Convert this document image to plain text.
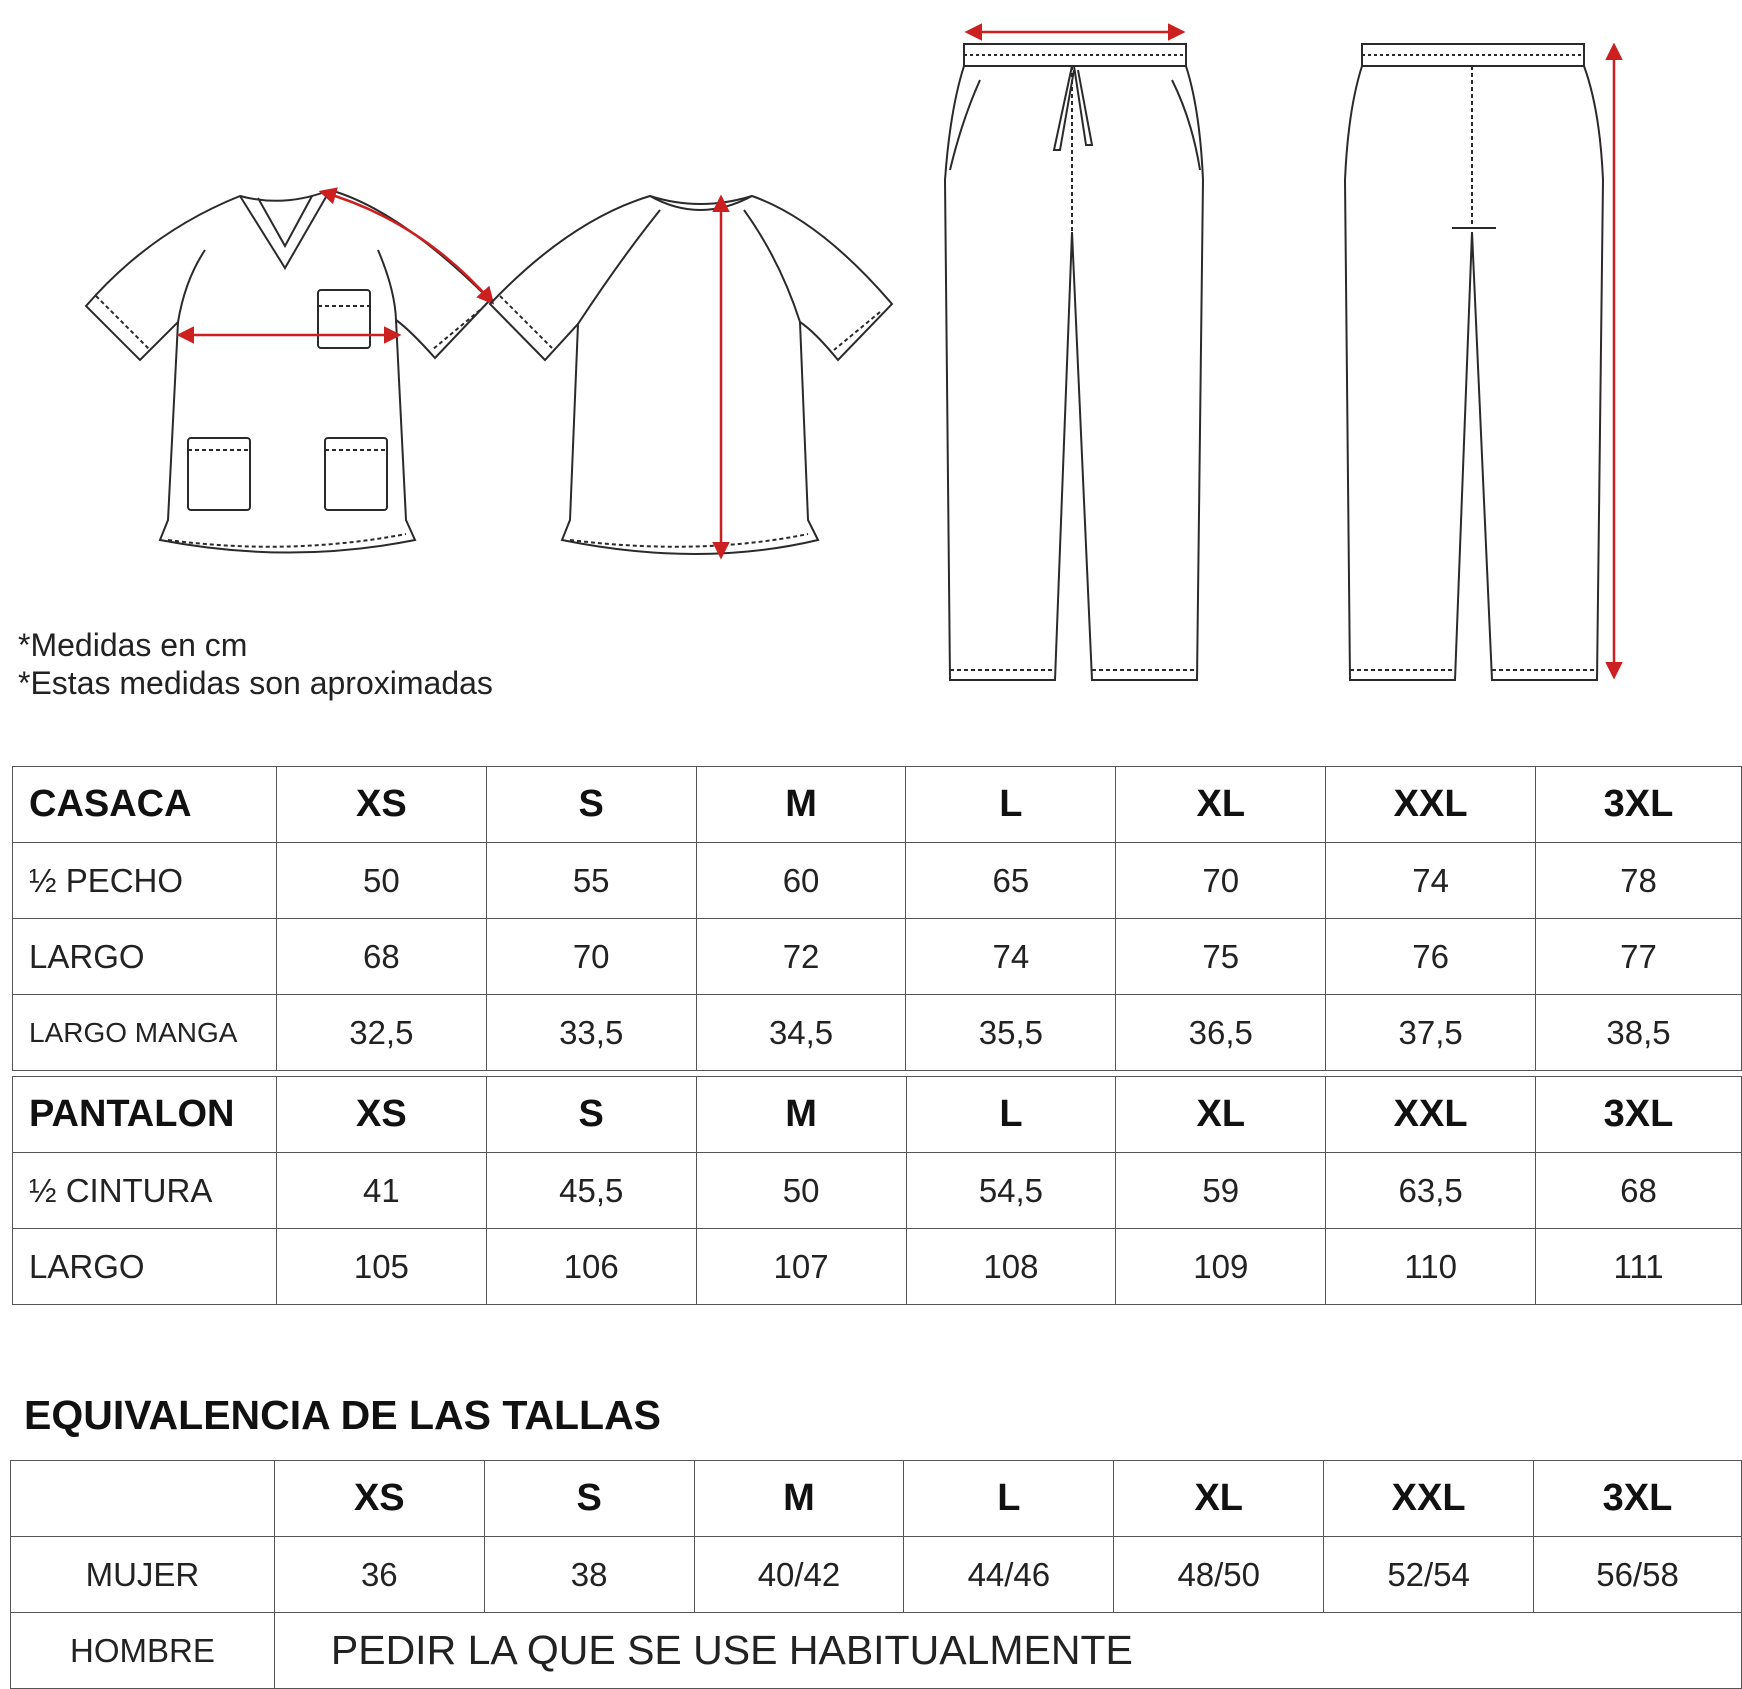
*Medidas en cm
*Estas medidas son aproximadas
CASACA	XS	S	M	L	XL	XXL	3XL
½ PECHO	50	55	60	65	70	74	78
LARGO	68	70	72	74	75	76	77
LARGO MANGA	32,5	33,5	34,5	35,5	36,5	37,5	38,5
PANTALON	XS	S	M	L	XL	XXL	3XL
½ CINTURA	41	45,5	50	54,5	59	63,5	68
LARGO	105	106	107	108	109	110	111
EQUIVALENCIA DE LAS TALLAS
	XS	S	M	L	XL	XXL	3XL
MUJER	36	38	40/42	44/46	48/50	52/54	56/58
HOMBRE	PEDIR LA QUE SE USE HABITUALMENTE						
